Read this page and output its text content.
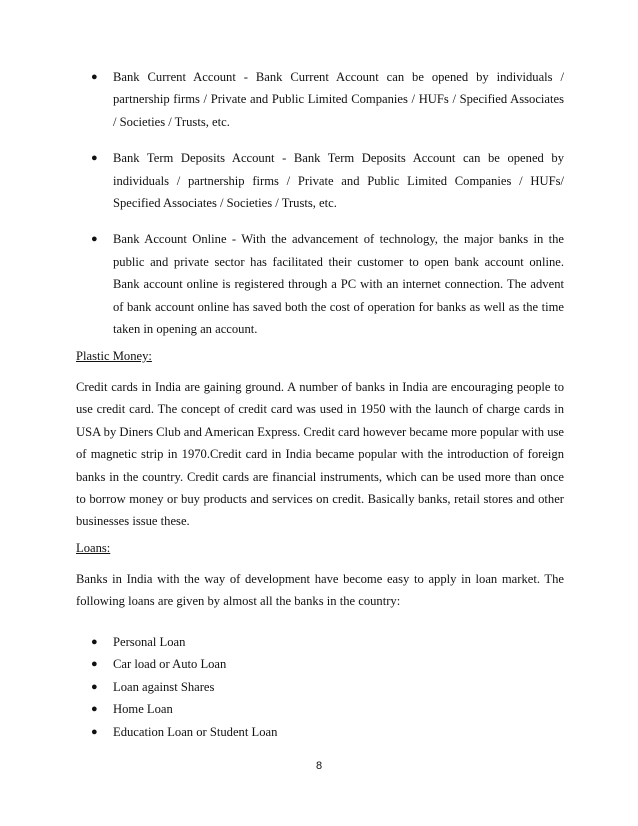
● Bank Current Account - Bank Current Account can be opened by individuals / partnership firms / Private and Public Limited Companies / HUFs / Specified Associates / Societies / Trusts, etc.
● Bank Term Deposits Account - Bank Term Deposits Account can be opened by individuals / partnership firms / Private and Public Limited Companies / HUFs/ Specified Associates / Societies / Trusts, etc.
● Bank Account Online - With the advancement of technology, the major banks in the public and private sector has facilitated their customer to open bank account online. Bank account online is registered through a PC with an internet connection. The advent of bank account online has saved both the cost of operation for banks as well as the time taken in opening an account.
Plastic Money:
Credit cards in India are gaining ground. A number of banks in India are encouraging people to use credit card. The concept of credit card was used in 1950 with the launch of charge cards in USA by Diners Club and American Express. Credit card however became more popular with use of magnetic strip in 1970.Credit card in India became popular with the introduction of foreign banks in the country. Credit cards are financial instruments, which can be used more than once to borrow money or buy products and services on credit. Basically banks, retail stores and other businesses issue these.
Loans:
Banks in India with the way of development have become easy to apply in loan market. The following loans are given by almost all the banks in the country:
● Personal Loan
● Car load or Auto Loan
● Loan against Shares
● Home Loan
● Education Loan or Student Loan
8
